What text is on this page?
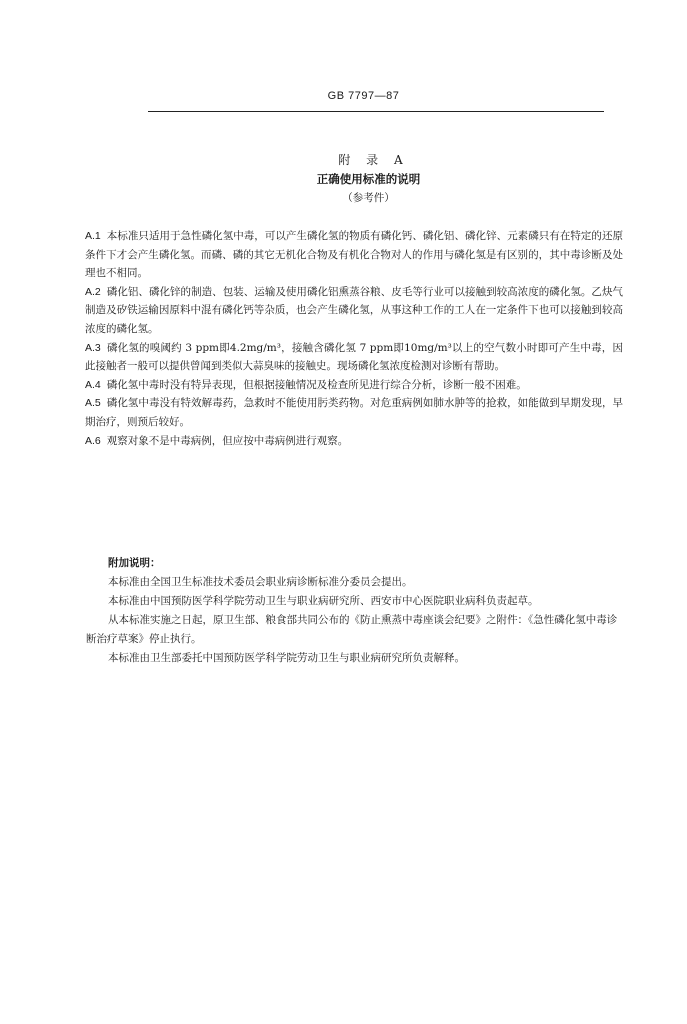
GB 7797—87
附 录 A
正确使用标准的说明
（参考件）

A.1 本标准只适用于急性磷化氢中毒，可以产生磷化氢的物质有磷化钙、磷化铝、磷化锌、元素磷只有在特定的还原条件下才会产生磷化氢。而磷、磷的其它无机化合物及有机化合物对人的作用与磷化氢是有区别的，其中毒诊断及处理也不相同。

A.2 磷化铝、磷化锌的制造、包装、运输及使用磷化铝熏蒸谷粮、皮毛等行业可以接触到较高浓度的磷化氢。乙炔气制造及矽铁运输因原料中混有磷化钙等杂质，也会产生磷化氢，从事这种工作的工人在一定条件下也可以接触到较高浓度的磷化氢。

A.3 磷化氢的嗅阈约 3 ppm即4.2mg/m³，接触含磷化氢 7 ppm即10mg/m³以上的空气数小时即可产生中毒，因此接触者一般可以提供曾闻到类似大蒜臭味的接触史。现场磷化氢浓度检测对诊断有帮助。

A.4 磷化氢中毒时没有特异表现，但根据接触情况及检查所见进行综合分析，诊断一般不困难。

A.5 磷化氢中毒没有特效解毒药，急救时不能使用肟类药物。对危重病例如肺水肿等的抢救，如能做到早期发现，早期治疗，则预后较好。

A.6 观察对象不是中毒病例，但应按中毒病例进行观察。

附加说明：

本标准由全国卫生标准技术委员会职业病诊断标准分委员会提出。

本标准由中国预防医学科学院劳动卫生与职业病研究所、西安市中心医院职业病科负责起草。

从本标准实施之日起，原卫生部、粮食部共同公布的《防止熏蒸中毒座谈会纪要》之附件：《急性磷化氢中毒诊断治疗草案》停止执行。

本标准由卫生部委托中国预防医学科学院劳动卫生与职业病研究所负责解释。
